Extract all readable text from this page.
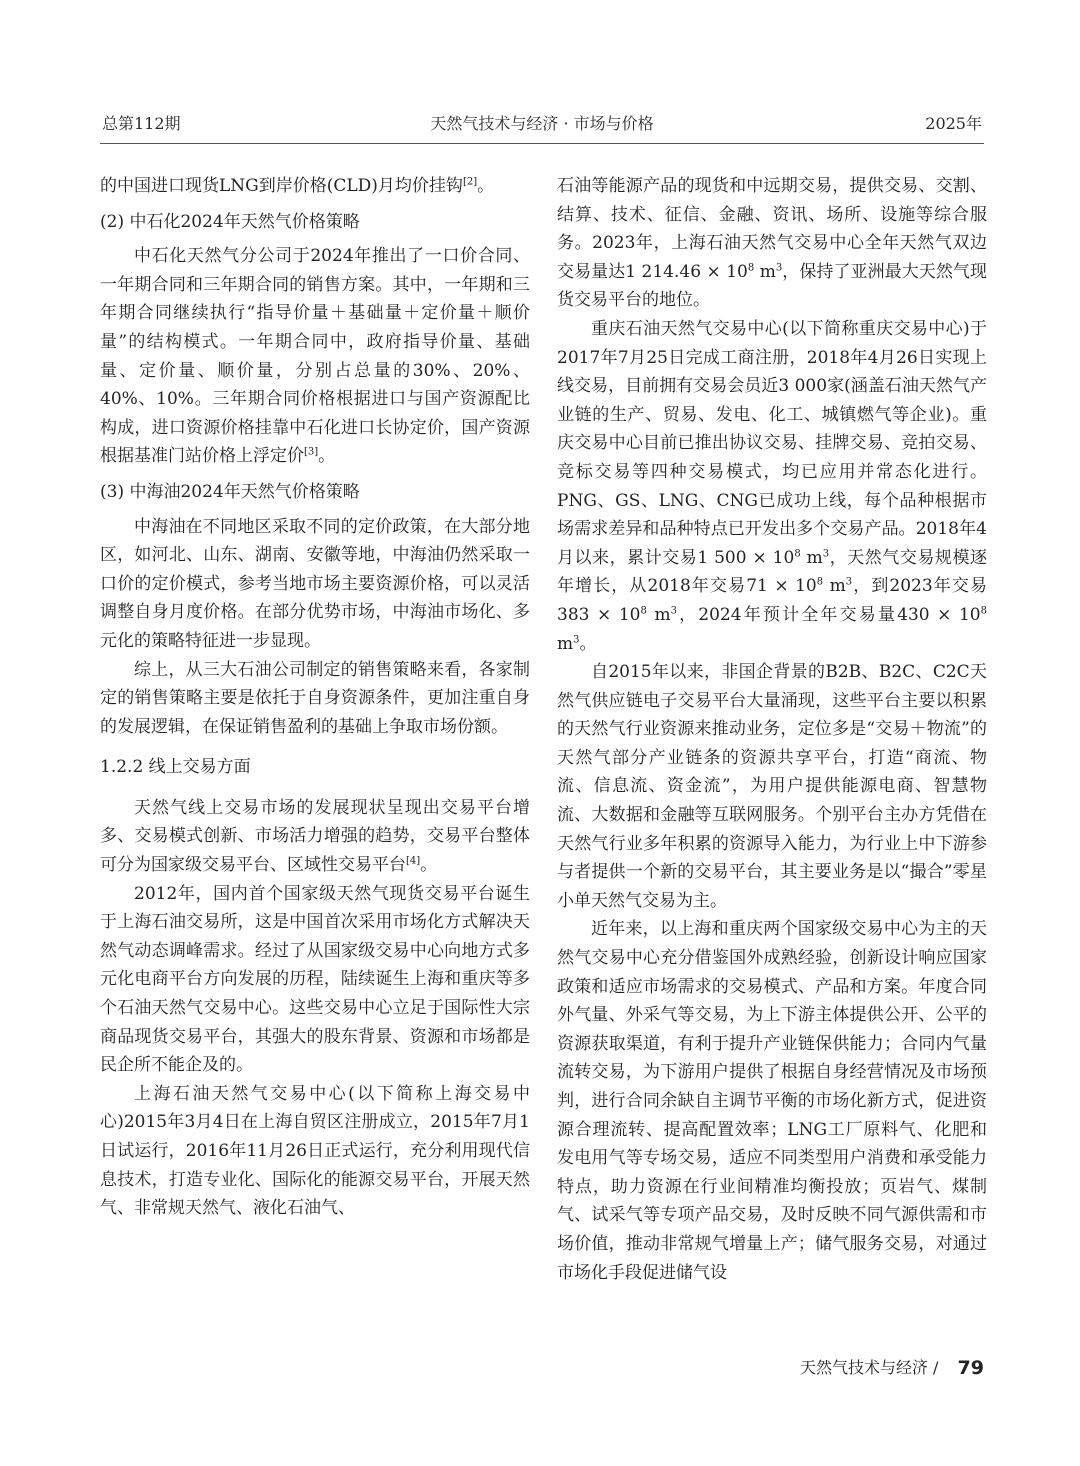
总第112期	天然气技术与经济 · 市场与价格	2025年

的中国进口现货LNG到岸价格(CLD)月均价挂钩[2]。

(2) 中石化2024年天然气价格策略

中石化天然气分公司于2024年推出了一口价合同、一年期合同和三年期合同的销售方案。其中，一年期和三年期合同继续执行“指导价量＋基础量＋定价量＋顺价量”的结构模式。一年期合同中，政府指导价量、基础量、定价量、顺价量，分别占总量的30%、20%、40%、10%。三年期合同价格根据进口与国产资源配比构成，进口资源价格挂靠中石化进口长协定价，国产资源根据基准门站价格上浮定价[3]。

(3) 中海油2024年天然气价格策略

中海油在不同地区采取不同的定价政策，在大部分地区，如河北、山东、湖南、安徽等地，中海油仍然采取一口价的定价模式，参考当地市场主要资源价格，可以灵活调整自身月度价格。在部分优势市场，中海油市场化、多元化的策略特征进一步显现。

综上，从三大石油公司制定的销售策略来看，各家制定的销售策略主要是依托于自身资源条件，更加注重自身的发展逻辑，在保证销售盈利的基础上争取市场份额。

1.2.2 线上交易方面

天然气线上交易市场的发展现状呈现出交易平台增多、交易模式创新、市场活力增强的趋势，交易平台整体可分为国家级交易平台、区域性交易平台[4]。

2012年，国内首个国家级天然气现货交易平台诞生于上海石油交易所，这是中国首次采用市场化方式解决天然气动态调峰需求。经过了从国家级交易中心向地方式多元化电商平台方向发展的历程，陆续诞生上海和重庆等多个石油天然气交易中心。这些交易中心立足于国际性大宗商品现货交易平台，其强大的股东背景、资源和市场都是民企所不能企及的。

上海石油天然气交易中心(以下简称上海交易中心)2015年3月4日在上海自贸区注册成立，2015年7月1日试运行，2016年11月26日正式运行，充分利用现代信息技术，打造专业化、国际化的能源交易平台，开展天然气、非常规天然气、液化石油气、

石油等能源产品的现货和中远期交易，提供交易、交割、结算、技术、征信、金融、资讯、场所、设施等综合服务。2023年，上海石油天然气交易中心全年天然气双边交易量达1 $214.46 \times 10^8$ $m^3$，保持了亚洲最大天然气现货交易平台的地位。

重庆石油天然气交易中心(以下简称重庆交易中心)于2017年7月25日完成工商注册，2018年4月26日实现上线交易，目前拥有交易会员近3 000家(涵盖石油天然气产业链的生产、贸易、发电、化工、城镇燃气等企业)。重庆交易中心目前已推出协议交易、挂牌交易、竞拍交易、竞标交易等四种交易模式，均已应用并常态化进行。PNG、GS、LNG、CNG已成功上线，每个品种根据市场需求差异和品种特点已开发出多个交易产品。2018年4月以来，累计交易1 $500 \times 10^8$ $m^3$，天然气交易规模逐年增长，从2018年交易$71 \times 10^8$ $m^3$，到2023年交易$383 \times 10^8$ $m^3$，2024年预计全年交易量$430 \times 10^8$ $m^3$。

自2015年以来，非国企背景的B2B、B2C、C2C天然气供应链电子交易平台大量涌现，这些平台主要以积累的天然气行业资源来推动业务，定位多是“交易＋物流”的天然气部分产业链条的资源共享平台，打造“商流、物流、信息流、资金流”，为用户提供能源电商、智慧物流、大数据和金融等互联网服务。个别平台主办方凭借在天然气行业多年积累的资源导入能力，为行业上中下游参与者提供一个新的交易平台，其主要业务是以“撮合”零星小单天然气交易为主。

近年来，以上海和重庆两个国家级交易中心为主的天然气交易中心充分借鉴国外成熟经验，创新设计响应国家政策和适应市场需求的交易模式、产品和方案。年度合同外气量、外采气等交易，为上下游主体提供公开、公平的资源获取渠道，有利于提升产业链保供能力；合同内气量流转交易，为下游用户提供了根据自身经营情况及市场预判，进行合同余缺自主调节平衡的市场化新方式，促进资源合理流转、提高配置效率；LNG工厂原料气、化肥和发电用气等专场交易，适应不同类型用户消费和承受能力特点，助力资源在行业间精准均衡投放；页岩气、煤制气、试采气等专项产品交易，及时反映不同气源供需和市场价值，推动非常规气增量上产；储气服务交易，对通过市场化手段促进储气设

天然气技术与经济 / 79
